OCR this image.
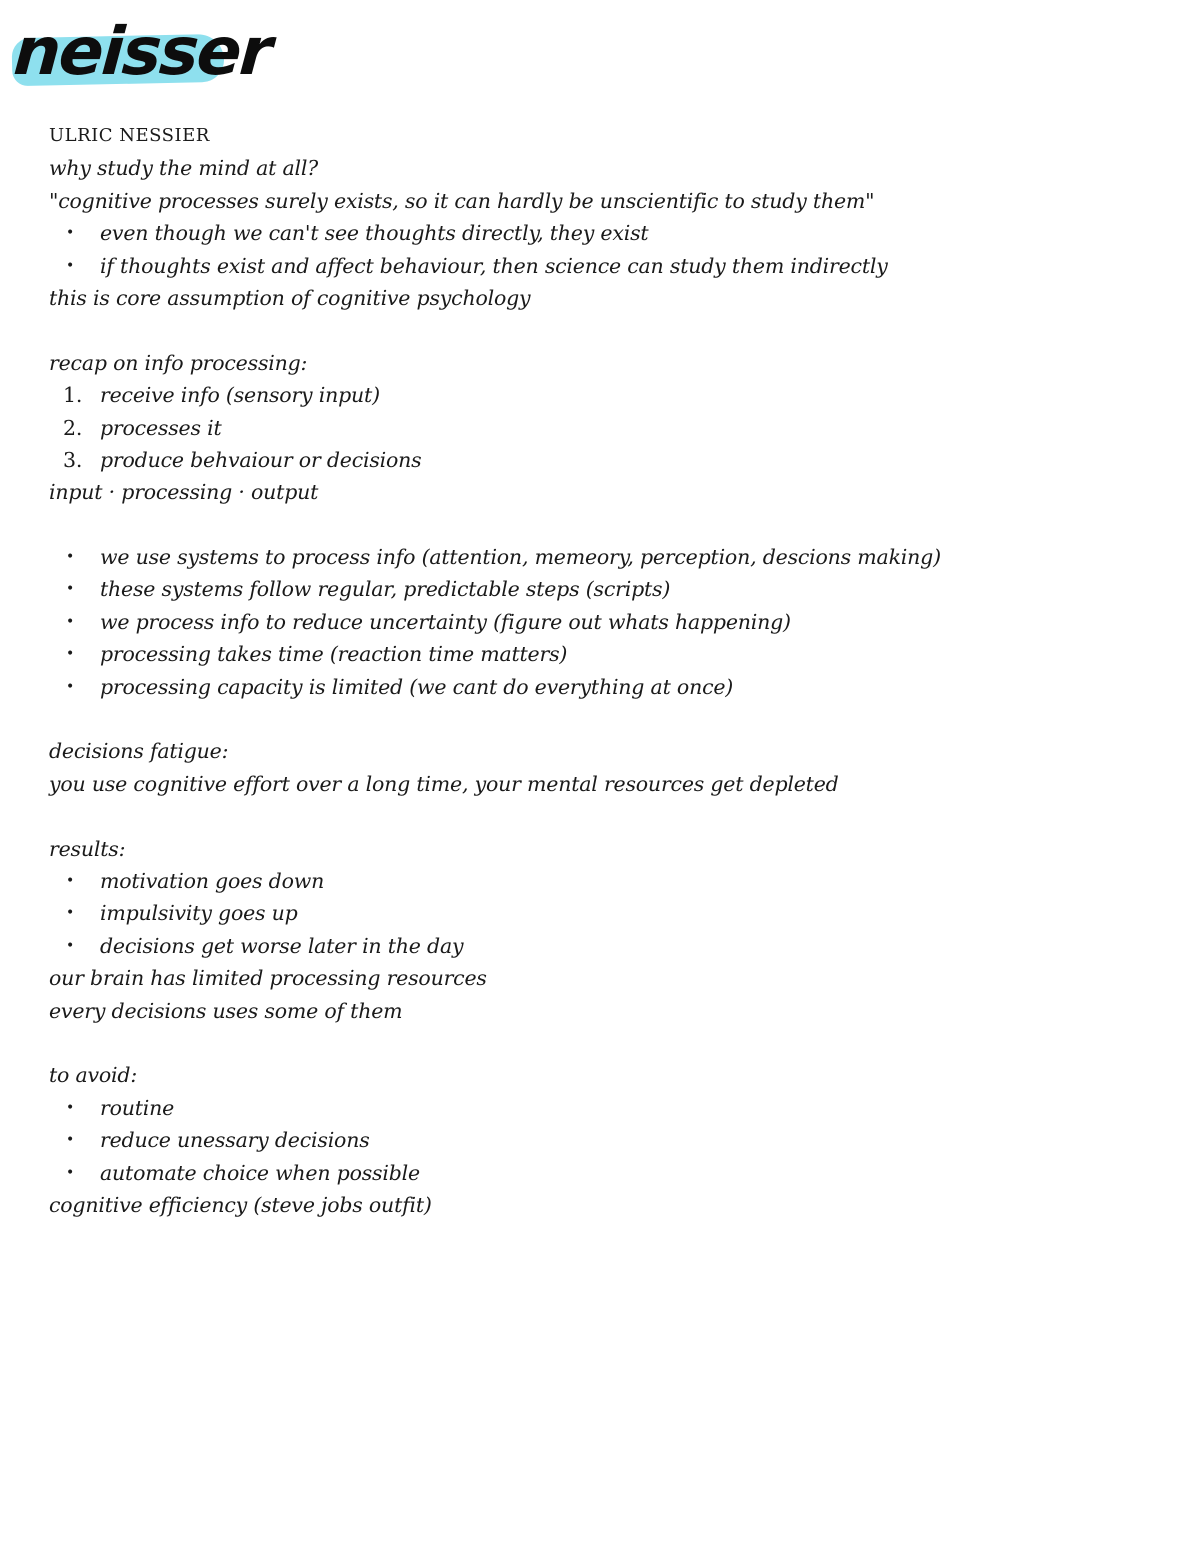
neisser
ULRIC NESSIER
why study the mind at all?
"cognitive processes surely exists, so it can hardly be unscientific to study them"
•	even though we can't see thoughts directly, they exist
•	if thoughts exist and affect behaviour, then science can study them indirectly
this is core assumption of cognitive psychology
recap on info processing:
1. receive info (sensory input)
2. processes it
3. produce behvaiour or decisions
input · processing · output
•	we use systems to process info (attention, memeory, perception, descions making)
•	these systems follow regular, predictable steps (scripts)
•	we process info to reduce uncertainty (figure out whats happening)
•	processing takes time (reaction time matters)
•	processing capacity is limited (we cant do everything at once)
decisions fatigue:
you use cognitive effort over a long time, your mental resources get depleted
results:
•	motivation goes down
•	impulsivity goes up
•	decisions get worse later in the day
our brain has limited processing resources
every decisions uses some of them
to avoid:
•	routine
•	reduce unessary decisions
•	automate choice when possible
cognitive efficiency (steve jobs outfit)
